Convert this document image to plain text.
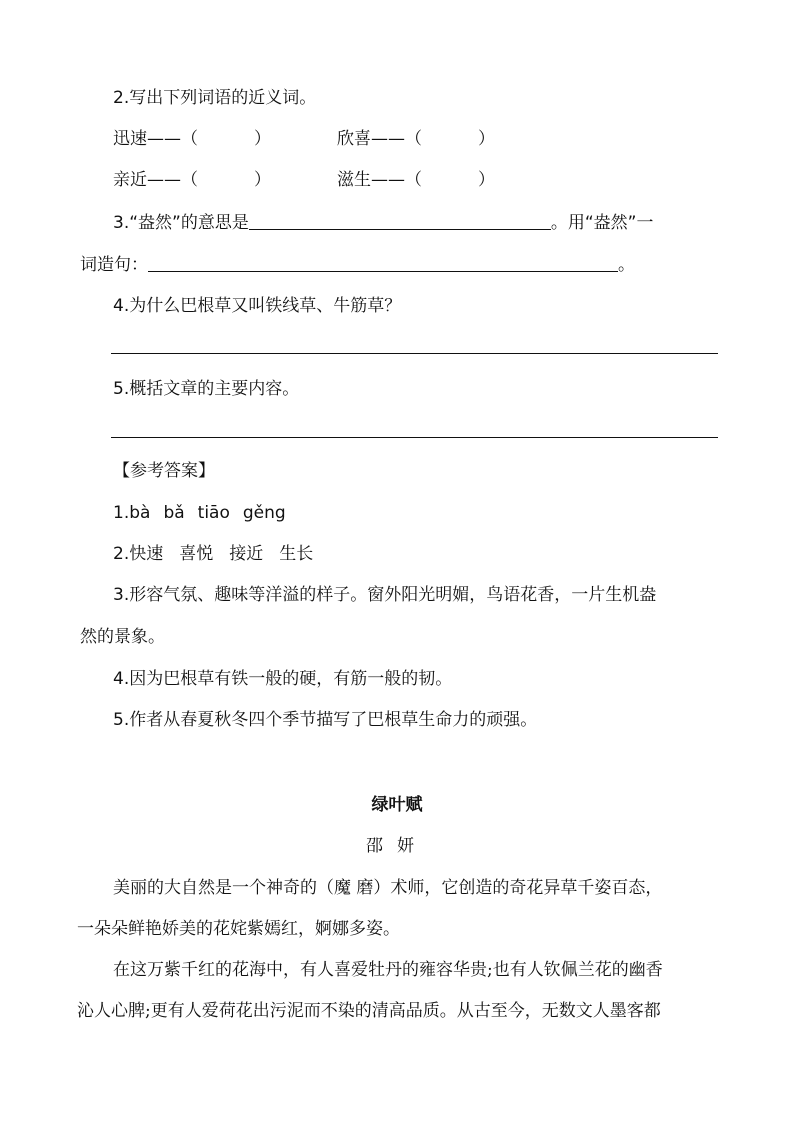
2.写出下列词语的近义词。
迅速——（	）	欣喜——（	）
亲近——（	）	滋生——（	）
3.“盎然”的意思是	。用“盎然”一
词造句：	。
4.为什么巴根草又叫铁线草、牛筋草？
5.概括文章的主要内容。
【参考答案】
1.bà bǎ tiāo gěng
2.快速 喜悦 接近 生长
3.形容气氛、趣味等洋溢的样子。窗外阳光明媚，鸟语花香，一片生机盎
然的景象。
4.因为巴根草有铁一般的硬，有筋一般的韧。
5.作者从春夏秋冬四个季节描写了巴根草生命力的顽强。
绿叶赋
邵妍
美丽的大自然是一个神奇的（魔 磨）术师，它创造的奇花异草千姿百态，
一朵朵鲜艳娇美的花姹紫嫣红，婀娜多姿。
在这万紫千红的花海中，有人喜爱牡丹的雍容华贵;也有人钦佩兰花的幽香
沁人心脾;更有人爱荷花出污泥而不染的清高品质。从古至今，无数文人墨客都
